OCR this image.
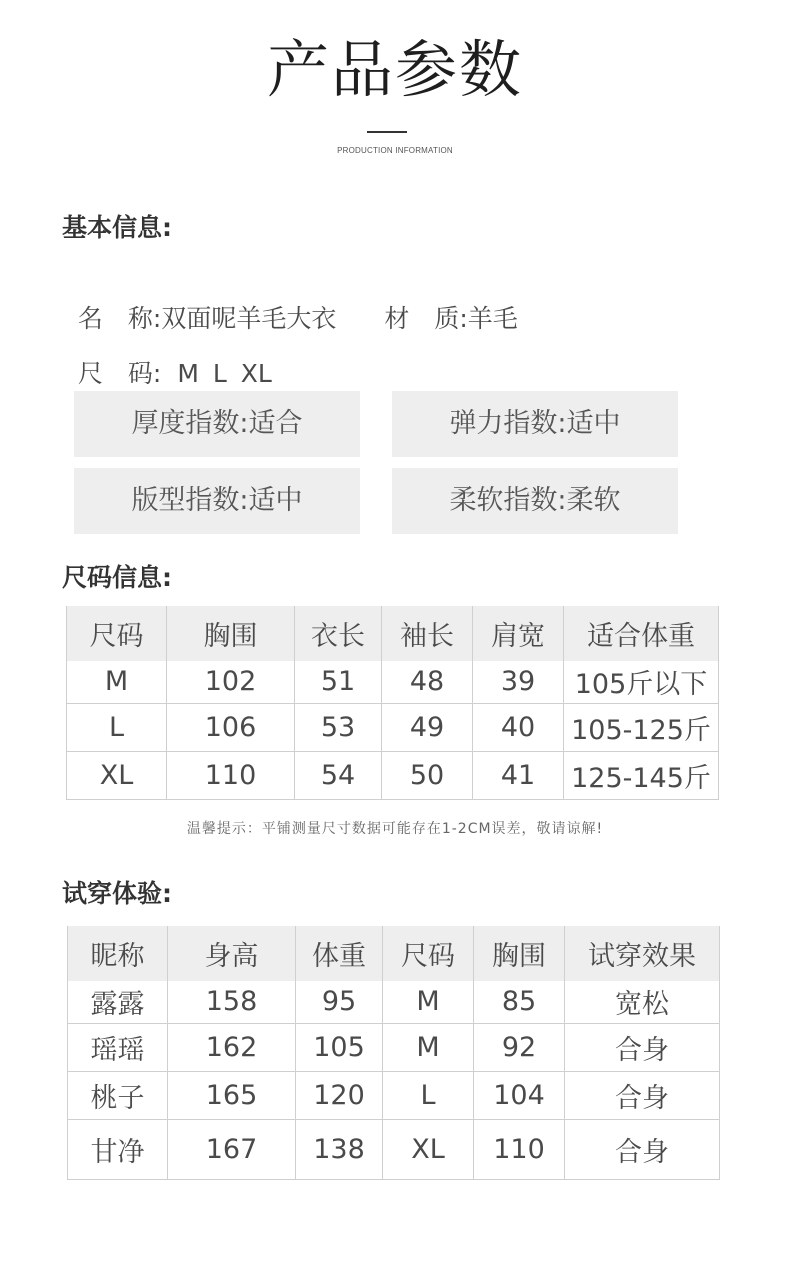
产品参数
PRODUCTION INFORMATION
基本信息:

名　称:双面呢羊毛大衣 材　质:羊毛

尺　码: M L XL

厚度指数:适合	弹力指数:适中
版型指数:适中	柔软指数:柔软
尺码信息:
尺码	胸围	衣长	袖长	肩宽	适合体重
M	102	51	48	39	105斤以下
L	106	53	49	40	105-125斤
XL	110	54	50	41	125-145斤
温馨提示：平铺测量尺寸数据可能存在1-2CM误差，敬请谅解!
试穿体验:
昵称	身高	体重	尺码	胸围	试穿效果
露露	158	95	M	85	宽松
瑶瑶	162	105	M	92	合身
桃子	165	120	L	104	合身
甘净	167	138	XL	110	合身
